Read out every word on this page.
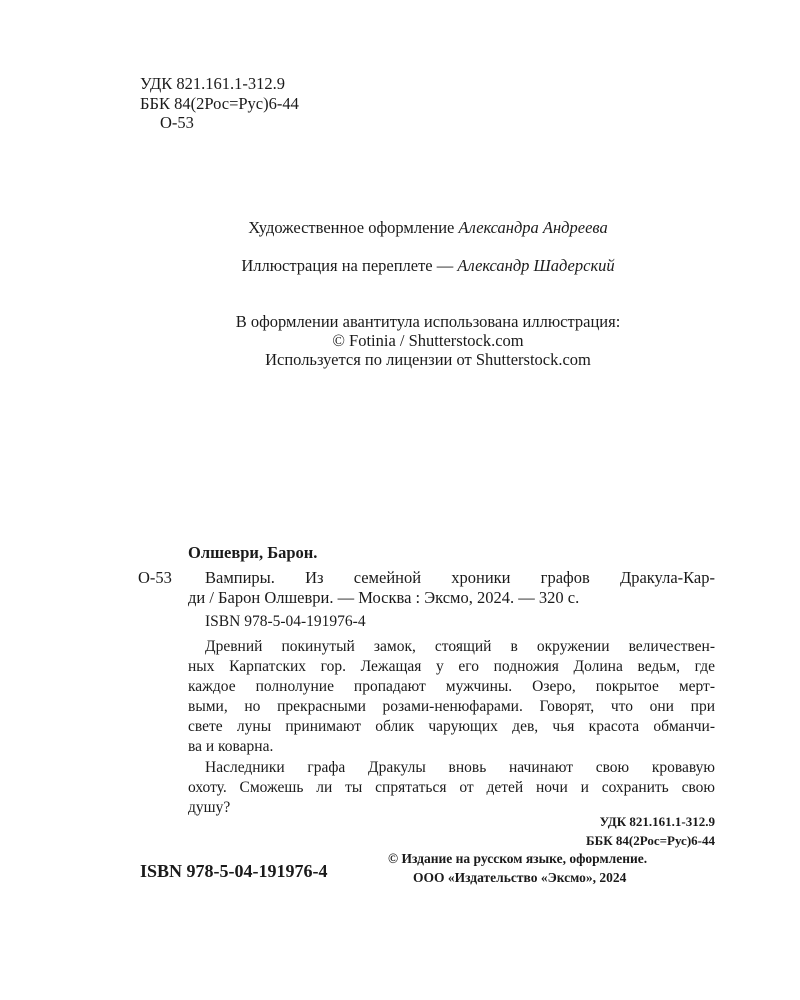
УДК 821.161.1-312.9
ББК 84(2Рос=Рус)6-44
О-53
Художественное оформление Александра Андреева
Иллюстрация на переплете — Александр Шадерский
В оформлении авантитула использована иллюстрация:
© Fotinia / Shutterstock.com
Используется по лицензии от Shutterstock.com
Олшеври, Барон.
О-53 Вампиры. Из семейной хроники графов Дракула-Кар-
ди / Барон Олшеври. — Москва : Эксмо, 2024. — 320 с.
ISBN 978-5-04-191976-4
Древний покинутый замок, стоящий в окружении величествен-
ных Карпатских гор. Лежащая у его подножия Долина ведьм, где
каждое полнолуние пропадают мужчины. Озеро, покрытое мерт-
выми, но прекрасными розами-ненюфарами. Говорят, что они при
свете луны принимают облик чарующих дев, чья красота обманчи-
ва и коварна.
Наследники графа Дракулы вновь начинают свою кровавую
охоту. Сможешь ли ты спрятаться от детей ночи и сохранить свою
душу?
УДК 821.161.1-312.9
ББК 84(2Рос=Рус)6-44
ISBN 978-5-04-191976-4
© Издание на русском языке, оформление.
ООО «Издательство «Эксмо», 2024
